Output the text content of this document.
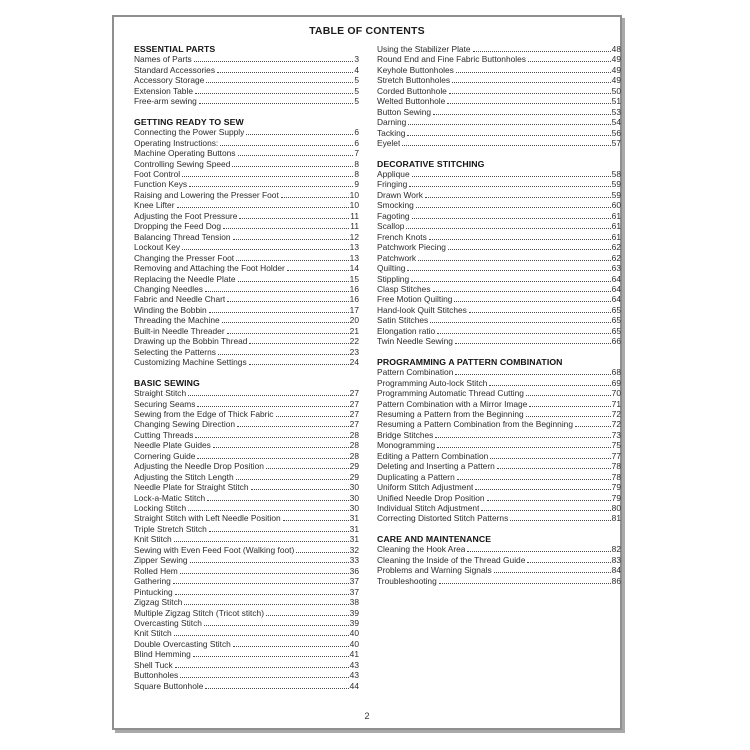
TABLE OF CONTENTS
ESSENTIAL PARTS
Names of Parts	3
Standard Accessories	4
Accessory Storage	5
Extension Table	5
Free-arm sewing	5
GETTING READY TO SEW
Connecting the Power Supply	6
Operating Instructions:	6
Machine Operating Buttons	7
Controlling Sewing Speed	8
Foot Control	8
Function Keys	9
Raising and Lowering the Presser Foot	10
Knee Lifter	10
Adjusting the Foot Pressure	11
Dropping the Feed Dog	11
Balancing Thread Tension	12
Lockout Key	13
Changing the Presser Foot	13
Removing and Attaching the Foot Holder	14
Replacing the Needle Plate	15
Changing Needles	16
Fabric and Needle Chart	16
Winding the Bobbin	17
Threading the Machine	20
Built-in Needle Threader	21
Drawing up the Bobbin Thread	22
Selecting the Patterns	23
Customizing Machine Settings	24
BASIC SEWING
Straight Stitch	27
Securing Seams	27
Sewing from the Edge of Thick Fabric	27
Changing Sewing Direction	27
Cutting Threads	28
Needle Plate Guides	28
Cornering Guide	28
Adjusting the Needle Drop Position	29
Adjusting the Stitch Length	29
Needle Plate for Straight Stitch	30
Lock-a-Matic Stitch	30
Locking Stitch	30
Straight Stitch with Left Needle Position	31
Triple Stretch Stitch	31
Knit Stitch	31
Sewing with Even Feed Foot (Walking foot)	32
Zipper Sewing	33
Rolled Hem	36
Gathering	37
Pintucking	37
Zigzag Stitch	38
Multiple Zigzag Stitch (Tricot stitch)	39
Overcasting Stitch	39
Knit Stitch	40
Double Overcasting Stitch	40
Blind Hemming	41
Shell Tuck	43
Buttonholes	43
Square Buttonhole	44
Using the Stabilizer Plate	48
Round End and Fine Fabric Buttonholes	49
Keyhole Buttonholes	49
Stretch Buttonholes	49
Corded Buttonhole	50
Welted Buttonhole	51
Button Sewing	53
Darning	54
Tacking	56
Eyelet	57
DECORATIVE STITCHING
Applique	58
Fringing	59
Drawn Work	59
Smocking	60
Fagoting	61
Scallop	61
French Knots	61
Patchwork Piecing	62
Patchwork	62
Quilting	63
Stippling	64
Clasp Stitches	64
Free Motion Quilting	64
Hand-look Quilt Stitches	65
Satin Stitches	65
Elongation ratio	65
Twin Needle Sewing	66
PROGRAMMING A PATTERN COMBINATION
Pattern Combination	68
Programming Auto-lock Stitch	69
Programming Automatic Thread Cutting	70
Pattern Combination with a Mirror Image	71
Resuming a Pattern from the Beginning	72
Resuming a Pattern Combination from the Beginning	72
Bridge Stitches	73
Monogramming	75
Editing a Pattern Combination	77
Deleting and Inserting a Pattern	78
Duplicating a Pattern	78
Uniform Stitch Adjustment	79
Unified Needle Drop Position	79
Individual Stitch Adjustment	80
Correcting Distorted Stitch Patterns	81
CARE AND MAINTENANCE
Cleaning the Hook Area	82
Cleaning the Inside of the Thread Guide	83
Problems and Warning Signals	84
Troubleshooting	86
2
